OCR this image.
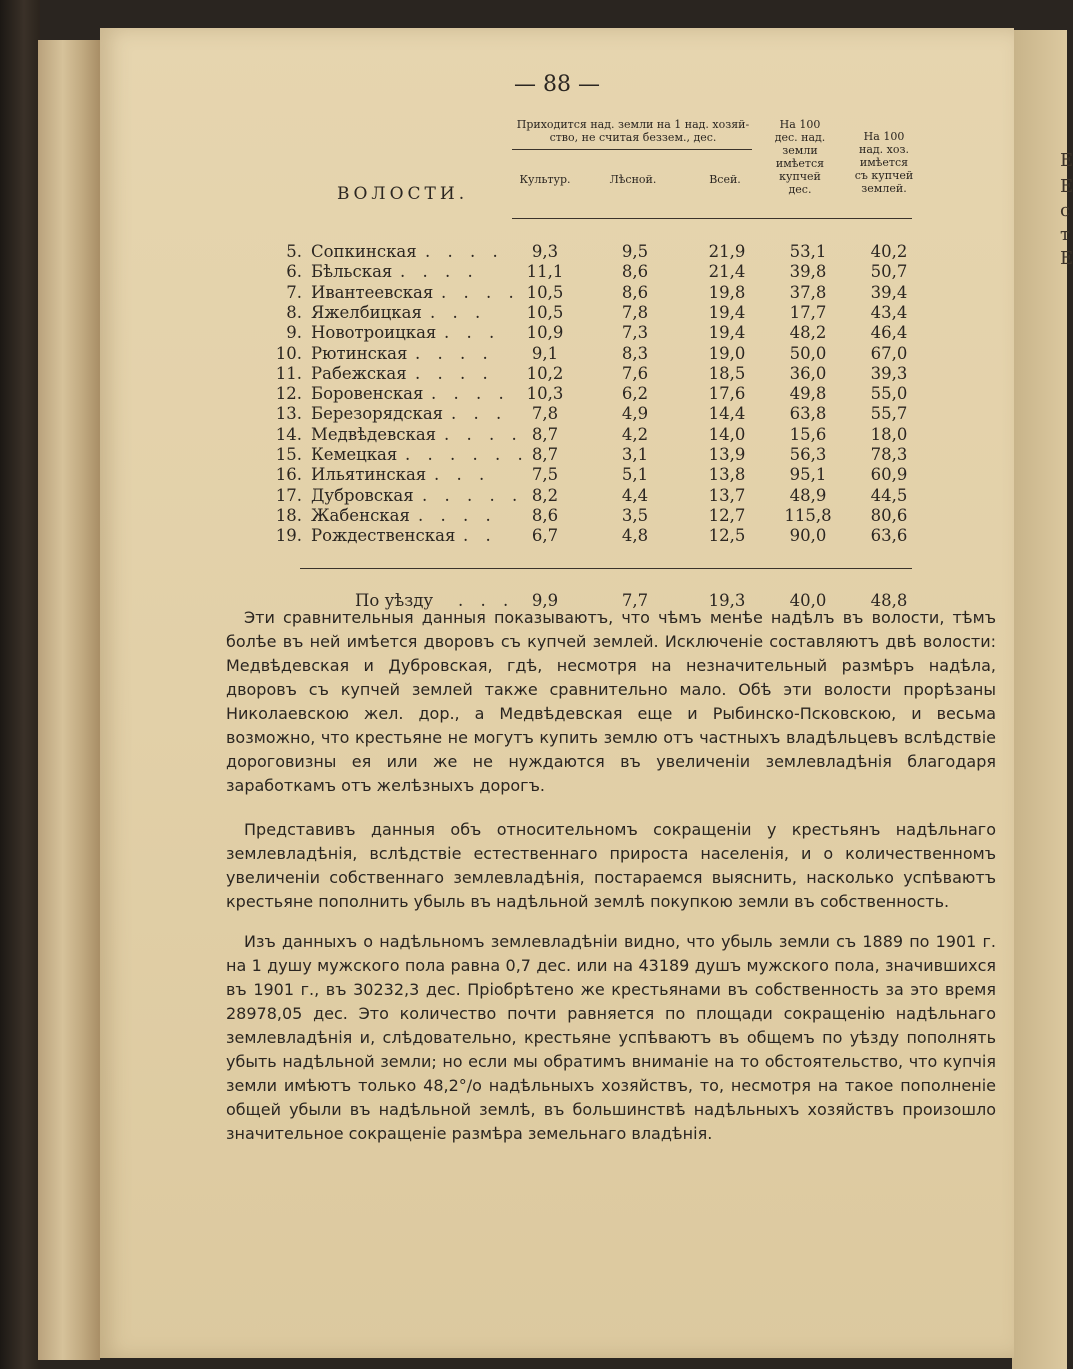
— 88 —
Приходится над. земли на 1 над. хозяй-
ство, не считая беззем., дес.
ВОЛОСТИ.
Культур.	Лѣсной.	Всей.
На 100
дес. над.
земли
имѣется
купчей
дес.
На 100
над. хоз.
имѣется
съ купчей
землей.
5. Сопкинская . . . .	9,3	9,5	21,9	53,1	40,2
6. Бѣльская . . . .	11,1	8,6	21,4	39,8	50,7
7. Ивантеевская . . . . 10,5	8,6	19,8	37,8	39,4
8. Яжелбицкая . . .	10,5	7,8	19,4	17,7	43,4
9. Новотроицкая . . .	10,9	7,3	19,4	48,2	46,4
10. Рютинская . . . .	9,1	8,3	19,0	50,0	67,0
11. Рабежская . . . .	10,2	7,6	18,5	36,0	39,3
12. Боровенская . . . .	10,3	6,2	17,6	49,8	55,0
13. Березорядская . . .	7,8	4,9	14,4	63,8	55,7
14. Медвѣдевская . . . . 8,7	4,2	14,0	15,6	18,0
15. Кемецкая . . . . . . 8,7	3,1	13,9	56,3	78,3
16. Ильятинская . . .	7,5	5,1	13,8	95,1	60,9
17. Дубровская . . . . . 8,2	4,4	13,7	48,9	44,5
18. Жабенская . . . .	8,6	3,5	12,7	115,8	80,6
19. Рождественская . .	6,7	4,8	12,5	90,0	63,6
По уѣзду . . .	9,9	7,7	19,3	40,0	48,8

Эти сравнительныя данныя показываютъ, что чѣмъ менѣе надѣлъ въ волости, тѣмъ болѣе въ ней имѣется дворовъ съ купчей землей. Исключеніе составляютъ двѣ волости: Медвѣдевская и Дубровская, гдѣ, несмотря на незначительный размѣръ надѣла, дворовъ съ купчей землей также сравнительно мало. Обѣ эти волости прорѣзаны Николаевскою жел. дор., а Медвѣдевская еще и Рыбинско-Псковскою, и весьма возможно, что крестьяне не могутъ купить землю отъ частныхъ владѣльцевъ вслѣдствіе дороговизны ея или же не нуждаются въ увеличеніи землевладѣнія благодаря заработкамъ отъ желѣзныхъ дорогъ.

Представивъ данныя объ относительномъ сокращеніи у крестьянъ надѣльнаго землевладѣнія, вслѣдствіе естественнаго прироста населенія, и о количественномъ увеличеніи собственнаго землевладѣнія, постараемся выяснить, насколько успѣваютъ крестьяне пополнить убыль въ надѣльной землѣ покупкою земли въ собственность.

Изъ данныхъ о надѣльномъ землевладѣніи видно, что убыль земли съ 1889 по 1901 г. на 1 душу мужского пола равна 0,7 дес. или на 43189 душъ мужского пола, значившихся въ 1901 г., въ 30232,3 дес. Пріобрѣтено же крестьянами въ собственность за это время 28978,05 дес. Это количество почти равняется по площади сокращенію надѣльнаго землевладѣнія и, слѣдовательно, крестьяне успѣваютъ въ общемъ по уѣзду пополнять убыть надѣльной земли; но если мы обратимъ вниманіе на то обстоятельство, что купчія земли имѣютъ только 48,2°/о надѣльныхъ хозяйствъ, то, несмотря на такое пополненіе общей убыли въ надѣльной землѣ, въ большинствѣ надѣльныхъ хозяйствъ произошло значительное сокращеніе размѣра земельнаго владѣнія.

Е
Е
с
т
Е
